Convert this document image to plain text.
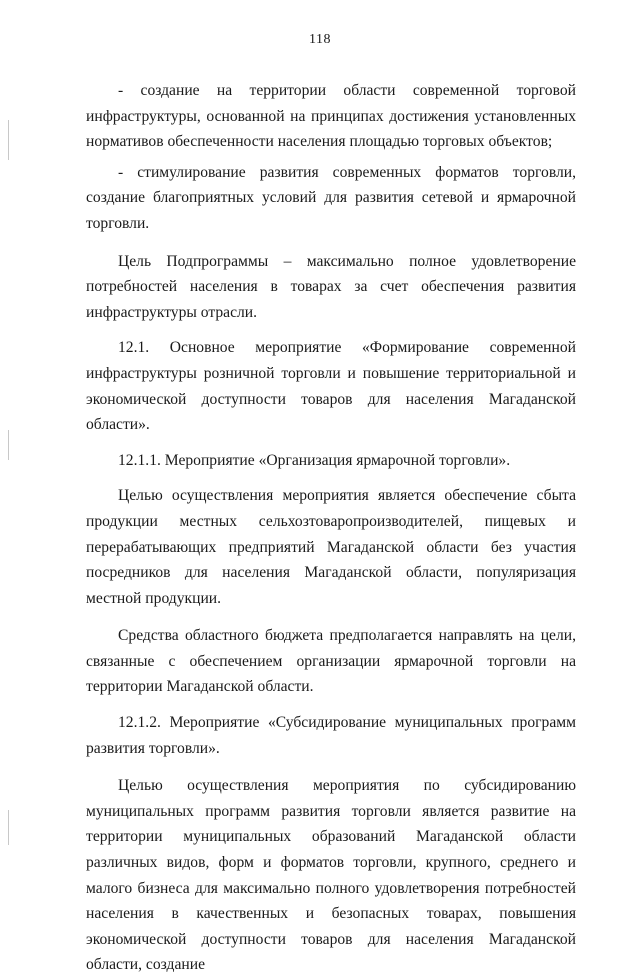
118

- создание на территории области современной торговой инфраструктуры, основанной на принципах достижения установленных нормативов обеспеченности населения площадью торговых объектов;

- стимулирование развития современных форматов торговли, создание благоприятных условий для развития сетевой и ярмарочной торговли.

Цель Подпрограммы – максимально полное удовлетворение потребностей населения в товарах за счет обеспечения развития инфраструктуры отрасли.

12.1. Основное мероприятие «Формирование современной инфраструктуры розничной торговли и повышение территориальной и экономической доступности товаров для населения Магаданской области».

12.1.1. Мероприятие «Организация ярмарочной торговли».

Целью осуществления мероприятия является обеспечение сбыта продукции местных сельхозтоваропроизводителей, пищевых и перерабатывающих предприятий Магаданской области без участия посредников для населения Магаданской области, популяризация местной продукции.

Средства областного бюджета предполагается направлять на цели, связанные с обеспечением организации ярмарочной торговли на территории Магаданской области.

12.1.2. Мероприятие «Субсидирование муниципальных программ развития торговли».

Целью осуществления мероприятия по субсидированию муниципальных программ развития торговли является развитие на территории муниципальных образований Магаданской области различных видов, форм и форматов торговли, крупного, среднего и малого бизнеса для максимально полного удовлетворения потребностей населения в качественных и безопасных товарах, повышения экономической доступности товаров для населения Магаданской области, создание
